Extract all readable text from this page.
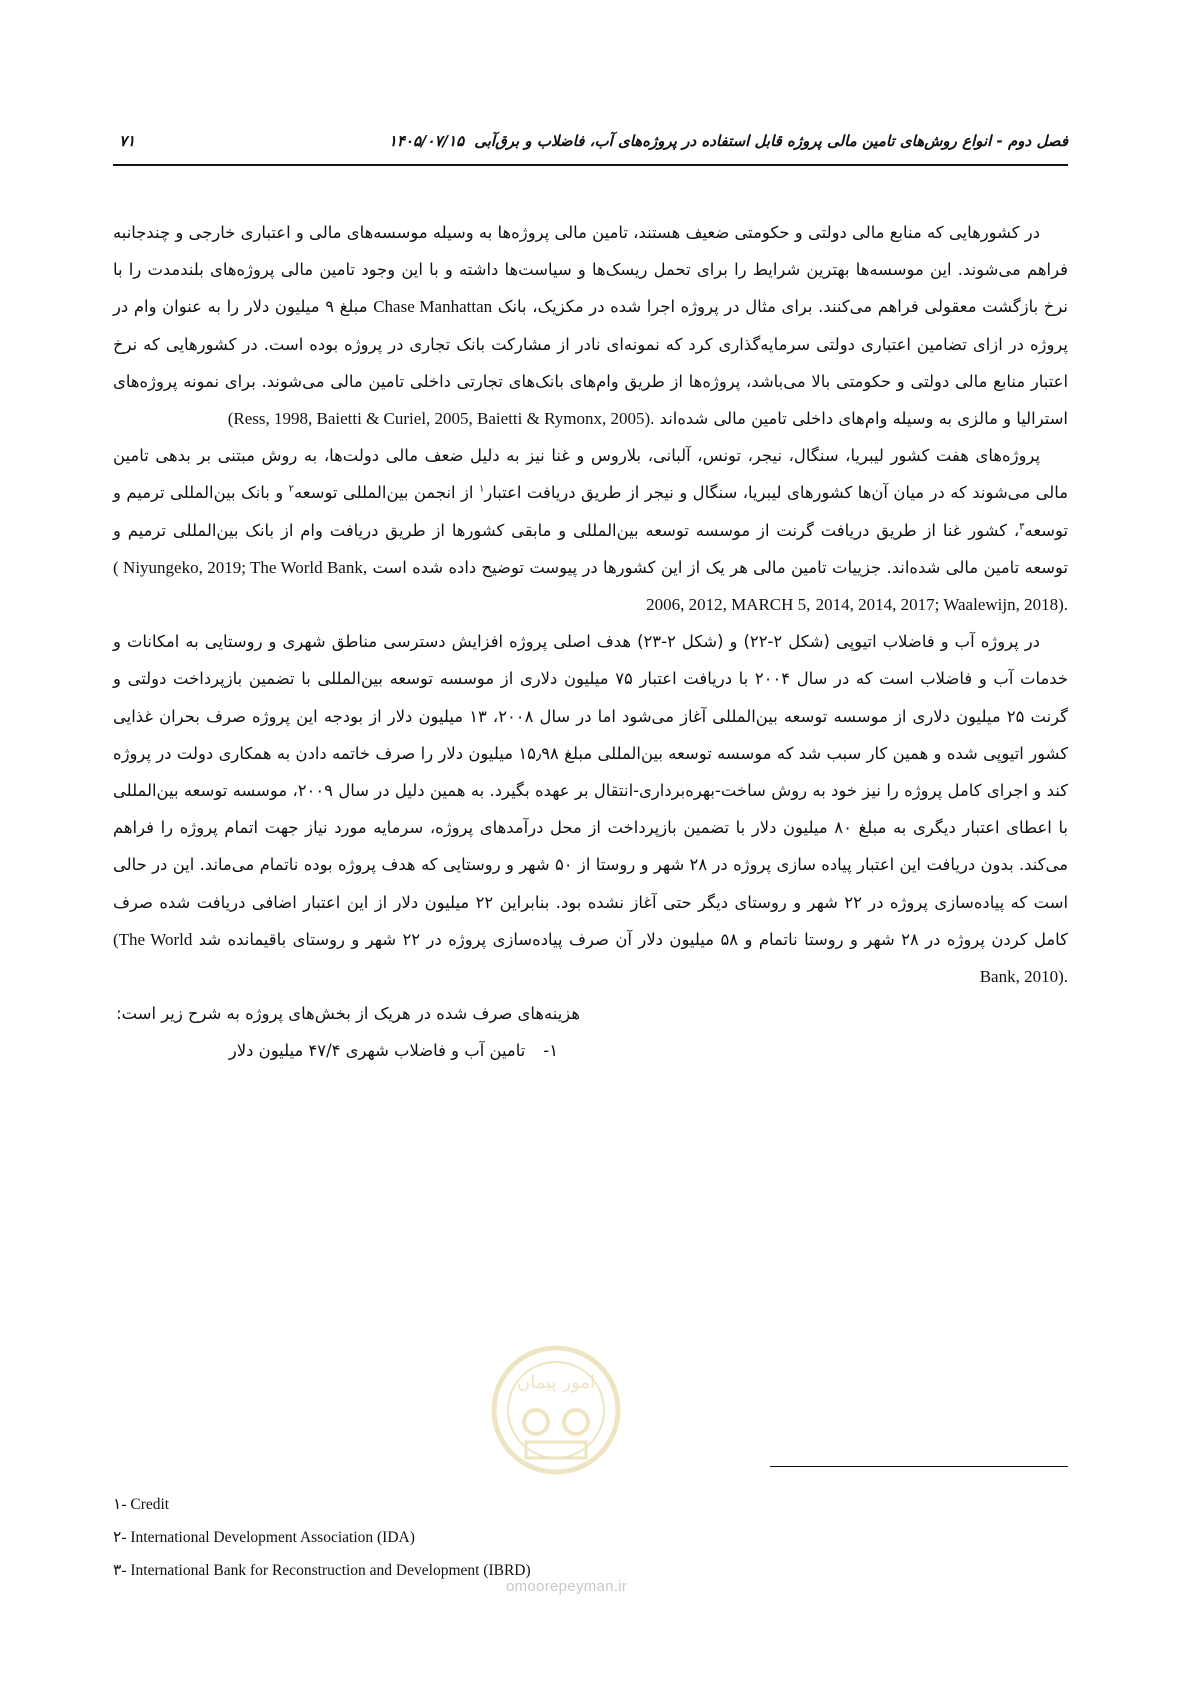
فصل دوم - انواع روش‌های تامین مالی پروژه قابل استفاده در پروژه‌های آب، فاضلاب و برق‌آبی۱۴۰۵/۰۷/۱۵
۷۱

در کشورهایی که منابع مالی دولتی و حکومتی ضعیف هستند، تامین مالی پروژه‌ها به وسیله موسسه‌های مالی و اعتباری خارجی و چندجانبه فراهم می‌شوند. این موسسه‌ها بهترین شرایط را برای تحمل ریسک‌ها و سیاست‌ها داشته و با این وجود تامین مالی پروژه‌های بلندمدت را با نرخ بازگشت معقولی فراهم می‌کنند. برای مثال در پروژه اجرا شده در مکزیک، بانک Chase Manhattan مبلغ ۹ میلیون دلار را به عنوان وام در پروژه در ازای تضامین اعتباری دولتی سرمایه‌گذاری کرد که نمونه‌ای نادر از مشارکت بانک تجاری در پروژه بوده است. در کشورهایی که نرخ اعتبار منابع مالی دولتی و حکومتی بالا می‌باشد، پروژه‌ها از طریق وام‌های بانک‌های تجارتی داخلی تامین مالی می‌شوند. برای نمونه پروژه‌های استرالیا و مالزی به وسیله وام‌های داخلی تامین مالی شده‌اند (Ress, 1998, Baietti & Curiel, 2005, Baietti & Rymonx, 2005).

پروژه‌های هفت کشور لیبریا، سنگال، نیجر، تونس، آلبانی، بلاروس و غنا نیز به دلیل ضعف مالی دولت‌ها، به روش مبتنی بر بدهی تامین مالی می‌شوند که در میان آن‌ها کشورهای لیبریا، سنگال و نیجر از طریق دریافت اعتبار$^۱$ از انجمن بین‌المللی توسعه$^۲$ و بانک بین‌المللی ترمیم و توسعه$^۳$، کشور غنا از طریق دریافت گرنت از موسسه توسعه بین‌المللی و مابقی کشورها از طریق دریافت وام از بانک بین‌المللی ترمیم و توسعه تامین مالی شده‌اند. جزییات تامین مالی هر یک از این کشورها در پیوست توضیح داده شده است ( Niyungeko, 2019; The World Bank, 2006, 2012, MARCH 5, 2014, 2014, 2017; Waalewijn, 2018).

در پروژه آب و فاضلاب اتیوپی (شکل ۲-۲۲) و (شکل ۲-۲۳) هدف اصلی پروژه افزایش دسترسی مناطق شهری و روستایی به امکانات و خدمات آب و فاضلاب است که در سال ۲۰۰۴ با دریافت اعتبار ۷۵ میلیون دلاری از موسسه توسعه بین‌المللی با تضمین بازپرداخت دولتی و گرنت ۲۵ میلیون دلاری از موسسه توسعه بین‌المللی آغاز می‌شود اما در سال ۲۰۰۸، ۱۳ میلیون دلار از بودجه این پروژه صرف بحران غذایی کشور اتیوپی شده و همین کار سبب شد که موسسه توسعه بین‌المللی مبلغ ۱۵٫۹۸ میلیون دلار را صرف خاتمه دادن به همکاری دولت در پروژه کند و اجرای کامل پروژه را نیز خود به روش ساخت-بهره‌برداری-انتقال بر عهده بگیرد. به همین دلیل در سال ۲۰۰۹، موسسه توسعه بین‌المللی با اعطای اعتبار دیگری به مبلغ ۸۰ میلیون دلار با تضمین بازپرداخت از محل درآمدهای پروژه، سرمایه مورد نیاز جهت اتمام پروژه را فراهم می‌کند. بدون دریافت این اعتبار پیاده سازی پروژه در ۲۸ شهر و روستا از ۵۰ شهر و روستایی که هدف پروژه بوده ناتمام می‌ماند. این در حالی است که پیاده‌سازی پروژه در ۲۲ شهر و روستای دیگر حتی آغاز نشده بود. بنابراین ۲۲ میلیون دلار از این اعتبار اضافی دریافت شده صرف کامل کردن پروژه در ۲۸ شهر و روستا ناتمام و ۵۸ میلیون دلار آن صرف پیاده‌سازی پروژه در ۲۲ شهر و روستای باقیمانده شد (The World Bank, 2010).

هزینه‌های صرف شده در هریک از بخش‌های پروژه به شرح زیر است:

۱-
تامین آب و فاضلاب شهری ۴۷/۴ میلیون دلار

امور پیمان
omoorepeyman.ir
۱- Credit
۲- International Development Association (IDA)
۳- International Bank for Reconstruction and Development (IBRD)
